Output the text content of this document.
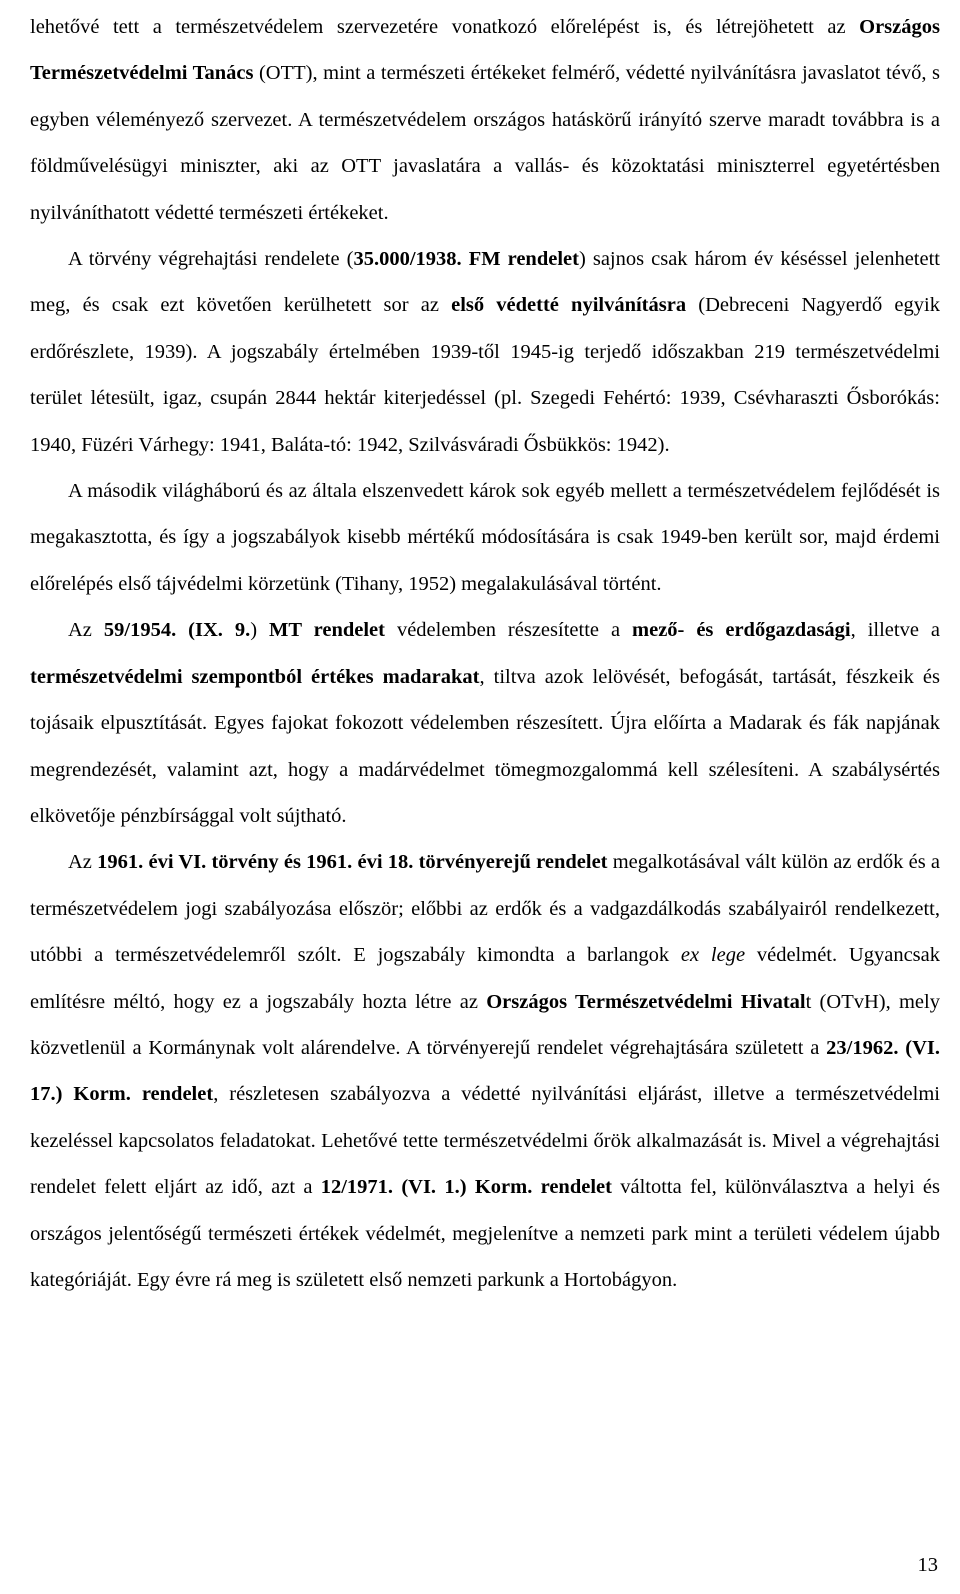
lehetővé tett a természetvédelem szervezetére vonatkozó előrelépést is, és létrejöhetett az Országos Természetvédelmi Tanács (OTT), mint a természeti értékeket felmérő, védetté nyilvánításra javaslatot tévő, s egyben véleményező szervezet. A természetvédelem országos hatáskörű irányító szerve maradt továbbra is a földművelésügyi miniszter, aki az OTT javaslatára a vallás- és közoktatási miniszterrel egyetértésben nyilváníthatott védetté természeti értékeket.

A törvény végrehajtási rendelete (35.000/1938. FM rendelet) sajnos csak három év késéssel jelenhetett meg, és csak ezt követően kerülhetett sor az első védetté nyilvánításra (Debreceni Nagyerdő egyik erdőrészlete, 1939). A jogszabály értelmében 1939-től 1945-ig terjedő időszakban 219 természetvédelmi terület létesült, igaz, csupán 2844 hektár kiterjedéssel (pl. Szegedi Fehértó: 1939, Csévharaszti Ősborókás: 1940, Füzéri Várhegy: 1941, Baláta-tó: 1942, Szilvásváradi Ősbükkös: 1942).

A második világháború és az általa elszenvedett károk sok egyéb mellett a természetvédelem fejlődését is megakasztotta, és így a jogszabályok kisebb mértékű módosítására is csak 1949-ben került sor, majd érdemi előrelépés első tájvédelmi körzetünk (Tihany, 1952) megalakulásával történt.

Az 59/1954. (IX. 9.) MT rendelet védelemben részesítette a mező- és erdőgazdasági, illetve a természetvédelmi szempontból értékes madarakat, tiltva azok lelövését, befogását, tartását, fészkeik és tojásaik elpusztítását. Egyes fajokat fokozott védelemben részesített. Újra előírta a Madarak és fák napjának megrendezését, valamint azt, hogy a madárvédelmet tömegmozgalommá kell szélesíteni. A szabálysértés elkövetője pénzbírsággal volt sújtható.

Az 1961. évi VI. törvény és 1961. évi 18. törvényerejű rendelet megalkotásával vált külön az erdők és a természetvédelem jogi szabályozása először; előbbi az erdők és a vadgazdálkodás szabályairól rendelkezett, utóbbi a természetvédelemről szólt. E jogszabály kimondta a barlangok ex lege védelmét. Ugyancsak említésre méltó, hogy ez a jogszabály hozta létre az Országos Természetvédelmi Hivatalt (OTvH), mely közvetlenül a Kormánynak volt alárendelve. A törvényerejű rendelet végrehajtására született a 23/1962. (VI. 17.) Korm. rendelet, részletesen szabályozva a védetté nyilvánítási eljárást, illetve a természetvédelmi kezeléssel kapcsolatos feladatokat. Lehetővé tette természetvédelmi őrök alkalmazását is. Mivel a végrehajtási rendelet felett eljárt az idő, azt a 12/1971. (VI. 1.) Korm. rendelet váltotta fel, különválasztva a helyi és országos jelentőségű természeti értékek védelmét, megjelenítve a nemzeti park mint a területi védelem újabb kategóriáját. Egy évre rá meg is született első nemzeti parkunk a Hortobágyon.

13
